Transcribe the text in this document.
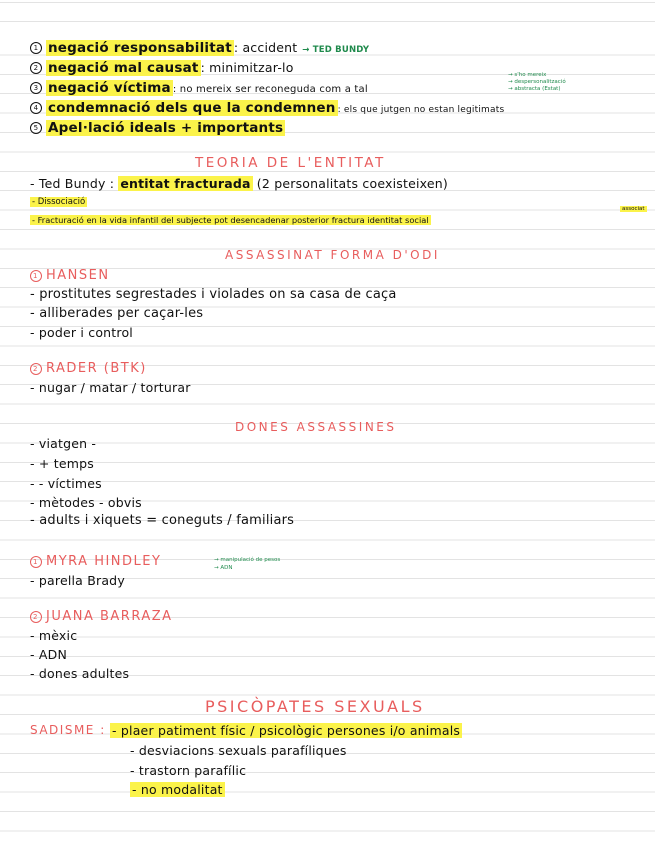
1 negació responsabilitat : accident → TED BUNDY
2 negació mal causat : minimitzar-lo
3 negació víctima : no mereix ser reconeguda com a tal
→ s'ho mereix
→ despersonalització
→ abstracta (Estat)
4 condemnació dels que la condemnen : els que jutgen no estan legitimats
5 Apel·lació ideals + importants
TEORIA DE L'ENTITAT
- Ted Bundy : entitat fracturada (2 personalitats coexisteixen)
- Dissociació
- Fracturació en la vida infantil del subjecte pot desencadenar posterior fractura identitat social
associat
ASSASSINAT FORMA D'ODI
1 HANSEN
- prostitutes segrestades i violades on sa casa de caça
- alliberades per caçar-les
- poder i control
2 RADER (BTK)
- nugar / matar / torturar
DONES ASSASSINES
- viatgen -
- + temps
- - víctimes
- mètodes - obvis
- adults i xiquets = coneguts / familiars
1 MYRA HINDLEY	→ manipulació de pesos
→ ADN
- parella Brady
2 JUANA BARRAZA
- mèxic
- ADN
- dones adultes
PSICÒPATES SEXUALS
SADISME : - plaer patiment físic / psicològic persones i/o animals
- desviacions sexuals parafíliques
- trastorn parafílic
- no modalitat
